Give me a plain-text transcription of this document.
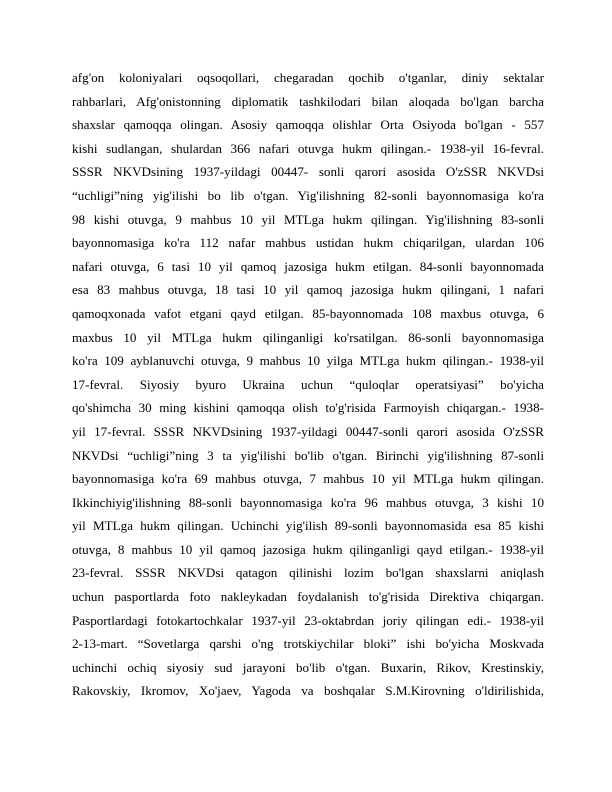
afg'on koloniyalari oqsoqollari, chegaradan qochib o'tganlar, diniy sektalar
rahbarlari, Afg'onistonning diplomatik tashkilodari bilan aloqada bo'lgan barcha
shaxslar qamoqqa olingan. Asosiy qamoqqa olishlar Orta Osiyoda bo'lgan - 557
kishi sudlangan, shulardan 366 nafari otuvga hukm qilingan.- 1938-yil 16-fevral.
SSSR NKVDsining 1937-yildagi 00447- sonli qarori asosida O'zSSR NKVDsi
“uchligi”ning yig'ilishi bo lib o'tgan. Yig'ilishning 82-sonli bayonnomasiga ko'ra
98 kishi otuvga, 9 mahbus 10 yil MTLga hukm qilingan. Yig'ilishning 83-sonli
bayonnomasiga ko'ra 112 nafar mahbus ustidan hukm chiqarilgan, ulardan 106
nafari otuvga, 6 tasi 10 yil qamoq jazosiga hukm etilgan. 84-sonli bayonnomada
esa 83 mahbus otuvga, 18 tasi 10 yil qamoq jazosiga hukm qilingani, 1 nafari
qamoqxonada vafot etgani qayd etilgan. 85-bayonnomada 108 maxbus otuvga, 6
maxbus 10 yil MTLga hukm qilinganligi ko'rsatilgan. 86-sonli bayonnomasiga
ko'ra 109 ayblanuvchi otuvga, 9 mahbus 10 yilga MTLga hukm qilingan.- 1938-yil
17-fevral. Siyosiy byuro Ukraina uchun “quloqlar operatsiyasi” bo'yicha
qo'shimcha 30 ming kishini qamoqqa olish to'g'risida Farmoyish chiqargan.- 1938-
yil 17-fevral. SSSR NKVDsining 1937-yildagi 00447-sonli qarori asosida O'zSSR
NKVDsi “uchligi”ning 3 ta yig'ilishi bo'lib o'tgan. Birinchi yig'ilishning 87-sonli
bayonnomasiga ko'ra 69 mahbus otuvga, 7 mahbus 10 yil MTLga hukm qilingan.
Ikkinchiyig'ilishning 88-sonli bayonnomasiga ko'ra 96 mahbus otuvga, 3 kishi 10
yil MTLga hukm qilingan. Uchinchi yig'ilish 89-sonli bayonnomasida esa 85 kishi
otuvga, 8 mahbus 10 yil qamoq jazosiga hukm qilinganligi qayd etilgan.- 1938-yil
23-fevral. SSSR NKVDsi qatagon qilinishi lozim bo'lgan shaxslarni aniqlash
uchun pasportlarda foto nakleykadan foydalanish to'g'risida Direktiva chiqargan.
Pasportlardagi fotokartochkalar 1937-yil 23-oktabrdan joriy qilingan edi.- 1938-yil
2-13-mart. “Sovetlarga qarshi o'ng trotskiychilar bloki” ishi bo'yicha Moskvada
uchinchi ochiq siyosiy sud jarayoni bo'lib o'tgan. Buxarin, Rikov, Krestinskiy,
Rakovskiy, Ikromov, Xo'jaev, Yagoda va boshqalar S.M.Kirovning o'ldirilishida,
